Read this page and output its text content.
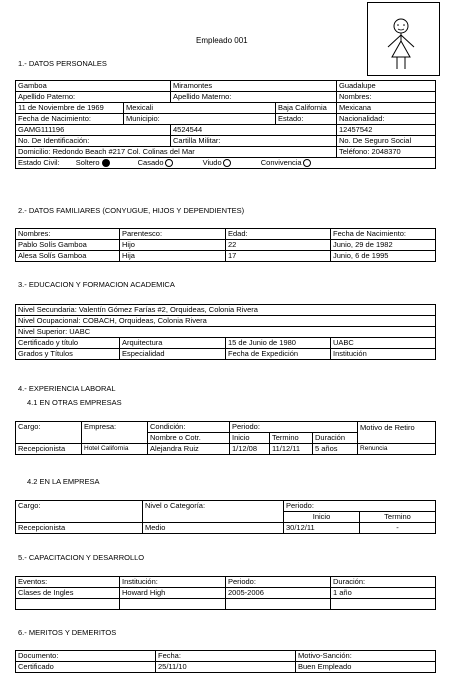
Empleado 001
1.- DATOS PERSONALES
Gamboa		Miramontes		Guadalupe
Apellido Paterno:		Apellido Materno:		Nombres:
11 de Noviembre de 1969	Mexicali		Baja California	Mexicana
Fecha de Nacimiento:	Municipio:		Estado:	Nacionalidad:
GAMG111196		4524544		12457542
No. De Identificación:		Cartilla Militar:		No. De Seguro Social
Domicilio: Redondo Beach #217 Col. Colinas del Mar				Teléfono: 2048370
Estado Civil: Soltero Casado Viudo Convivencia				
2.- DATOS FAMILIARES (CONYUGUE, HIJOS Y DEPENDIENTES)
Nombres:	Parentesco:	Edad:	Fecha de Nacimiento:
Pablo Solís Gamboa	Hijo	22	Junio, 29 de 1982
Alesa Solís Gamboa	Hija	17	Junio, 6 de 1995
3.- EDUCACION Y FORMACION ACADEMICA
Nivel Secundaria: Valentín Gómez Farías #2, Orquideas, Colonia Rivera			
Nivel Ocupacional: COBACH, Orquideas, Colonia Rivera			
Nivel Superior: UABC			
Certificado y título	Arquitectura	15 de Junio de 1980	UABC
Grados y Títulos	Especialidad	Fecha de Expedición	Institución
4.- EXPERIENCIA LABORAL
4.1 EN OTRAS EMPRESAS
Cargo:	Empresa:	Condición:	Periodo:			Motivo de Retiro
		Nombre o Cotr.	Inicio	Termino	Duración	
Recepcionista	Hotel California	Alejandra Ruiz	1/12/08	11/12/11	5 años	Renuncia
4.2 EN LA EMPRESA
Cargo:	Nivel o Categoría:	Periodo:	
		Inicio	Termino
Recepcionista	Medio	30/12/11	-
5.- CAPACITACION Y DESARROLLO
Eventos:	Institución:	Periodo:	Duración:
Clases de Ingles	Howard High	2005-2006	1 año

6.- MERITOS Y DEMERITOS
Documento:	Fecha:	Motivo-Sanción:
Certificado	25/11/10	Buen Empleado
